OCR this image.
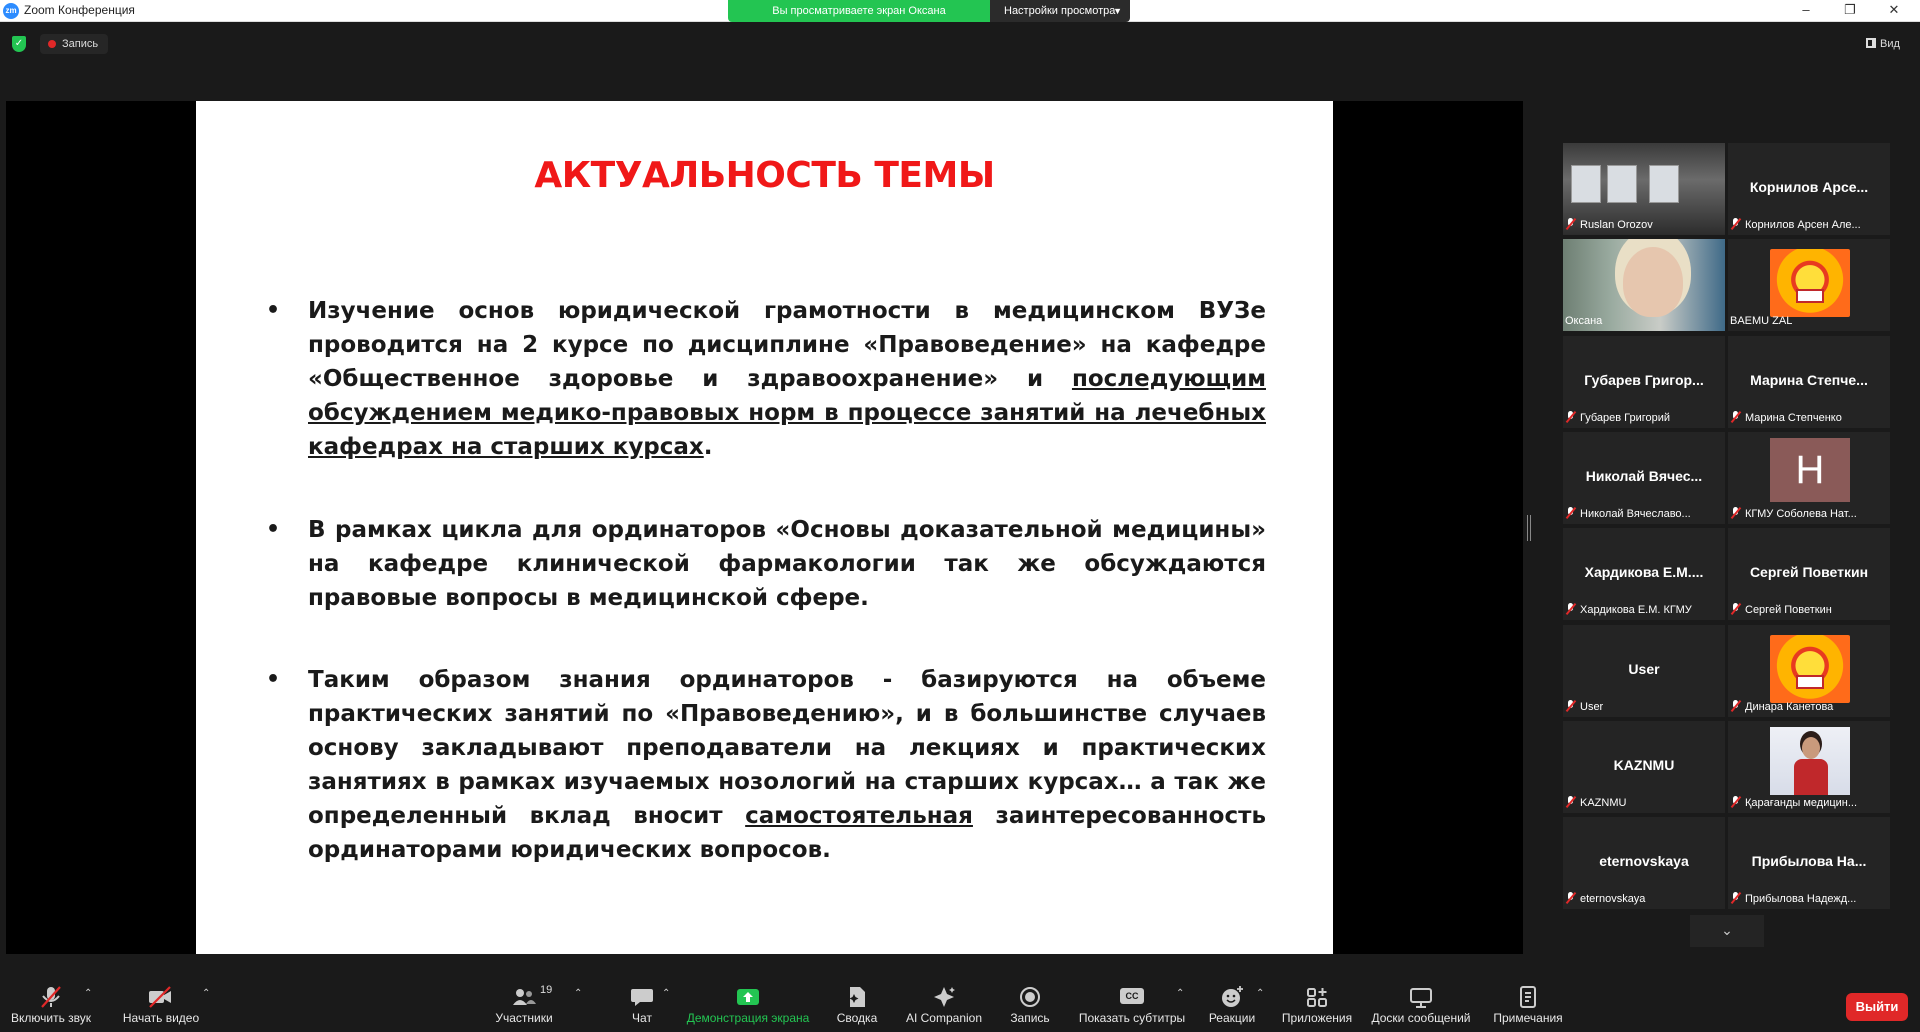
zm Zoom Конференция	Вы просматриваете экран Оксана	Настройки просмотра
▼	–	❐	✕
✓	Запись	Вид
АКТУАЛЬНОСТЬ ТЕМЫ
• Изучение основ юридической грамотности в медицинском ВУЗе проводится на 2 курсе по дисциплине «Правоведение» на кафедре «Общественное здоровье и здравоохранение» и последующим обсуждением медико-правовых норм в процессе занятий на лечебных кафедрах на старших курсах.
• В рамках цикла для ординаторов «Основы доказательной медицины» на кафедре клинической фармакологии так же обсуждаются правовые вопросы в медицинской сфере.
• Таким образом знания ординаторов - базируются на объеме практических занятий по «Правоведению», и в большинстве случаев основу закладывают преподаватели на лекциях и практических занятиях в рамках изучаемых нозологий на старших курсах… а так же определенный вклад вносит самостоятельная заинтересованность ординаторами юридических вопросов.
Ruslan Orozov
Корнилов Арсе...
Корнилов Арсен Але...
Оксана	BAEMU ZAL
Губарев Григор...
Губарев Григорий
Марина Степче...
Марина Степченко
Николай Вячес...
Николай Вячеславо...
H
КГМУ Соболева Нат...
Хардикова Е.М....
Хардикова Е.М. КГМУ
Сергей Поветкин
Сергей Поветкин
User
User	Динара Канетова
KAZNMU
KAZNMU	Қарағанды медицин...
eternovskaya
eternovskaya
Прибылова На...
Прибылова Надежд...
⌄
Включить звук
⌃
Начать видео
⌃	19
Участники
⌃
Чат
⌃
Демонстрация экрана	Сводка	AI Companion	Запись
CC
Показать субтитры
⌃
Реакции
⌃
Приложения	Доски сообщений Примечания
Выйти
